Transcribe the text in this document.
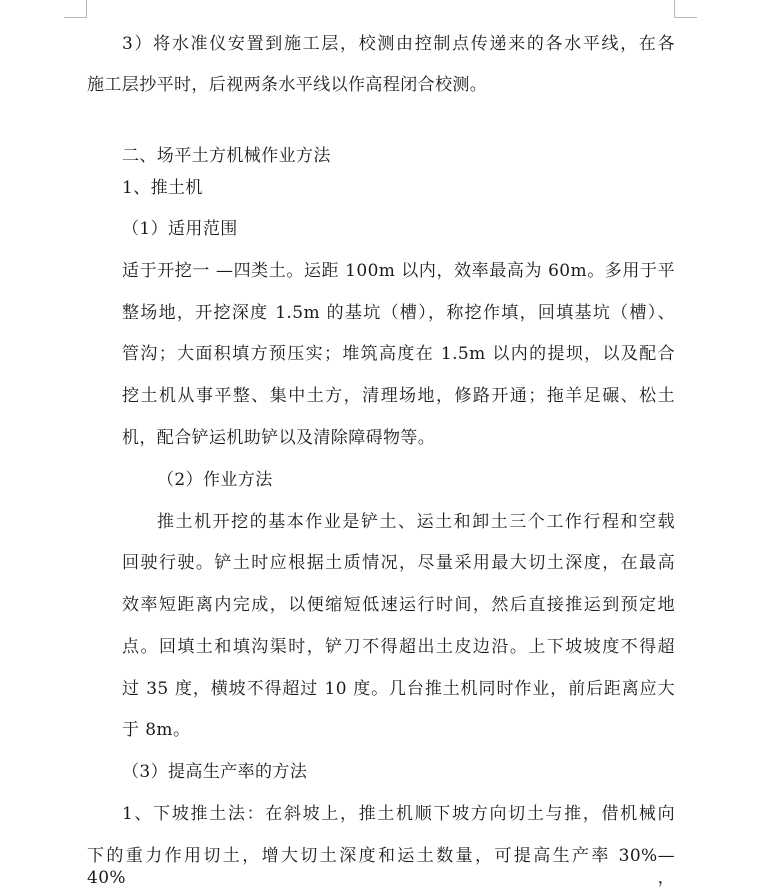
3）将水准仪安置到施工层，校测由控制点传递来的各水平线，在各
施工层抄平时，后视两条水平线以作高程闭合校测。
二、场平土方机械作业方法
1、推土机
（1）适用范围
适于开挖一 —四类土。运距 100m 以内，效率最高为 60m。多用于平
整场地，开挖深度 1.5m 的基坑（槽），称挖作填，回填基坑（槽）、
管沟；大面积填方预压实；堆筑高度在 1.5m 以内的提坝，以及配合
挖土机从事平整、集中土方，清理场地，修路开通；拖羊足碾、松土
机，配合铲运机助铲以及清除障碍物等。
（2）作业方法
推土机开挖的基本作业是铲土、运土和卸土三个工作行程和空载
回驶行驶。铲土时应根据土质情况，尽量采用最大切土深度，在最高
效率短距离内完成，以便缩短低速运行时间，然后直接推运到预定地
点。回填土和填沟渠时，铲刀不得超出土皮边沿。上下坡坡度不得超
过 35 度，横坡不得超过 10 度。几台推土机同时作业，前后距离应大
于 8m。
（3）提高生产率的方法
1、下坡推土法：在斜坡上，推土机顺下坡方向切土与推，借机械向
下的重力作用切土，增大切土深度和运土数量，可提高生产率 30%—40%，
